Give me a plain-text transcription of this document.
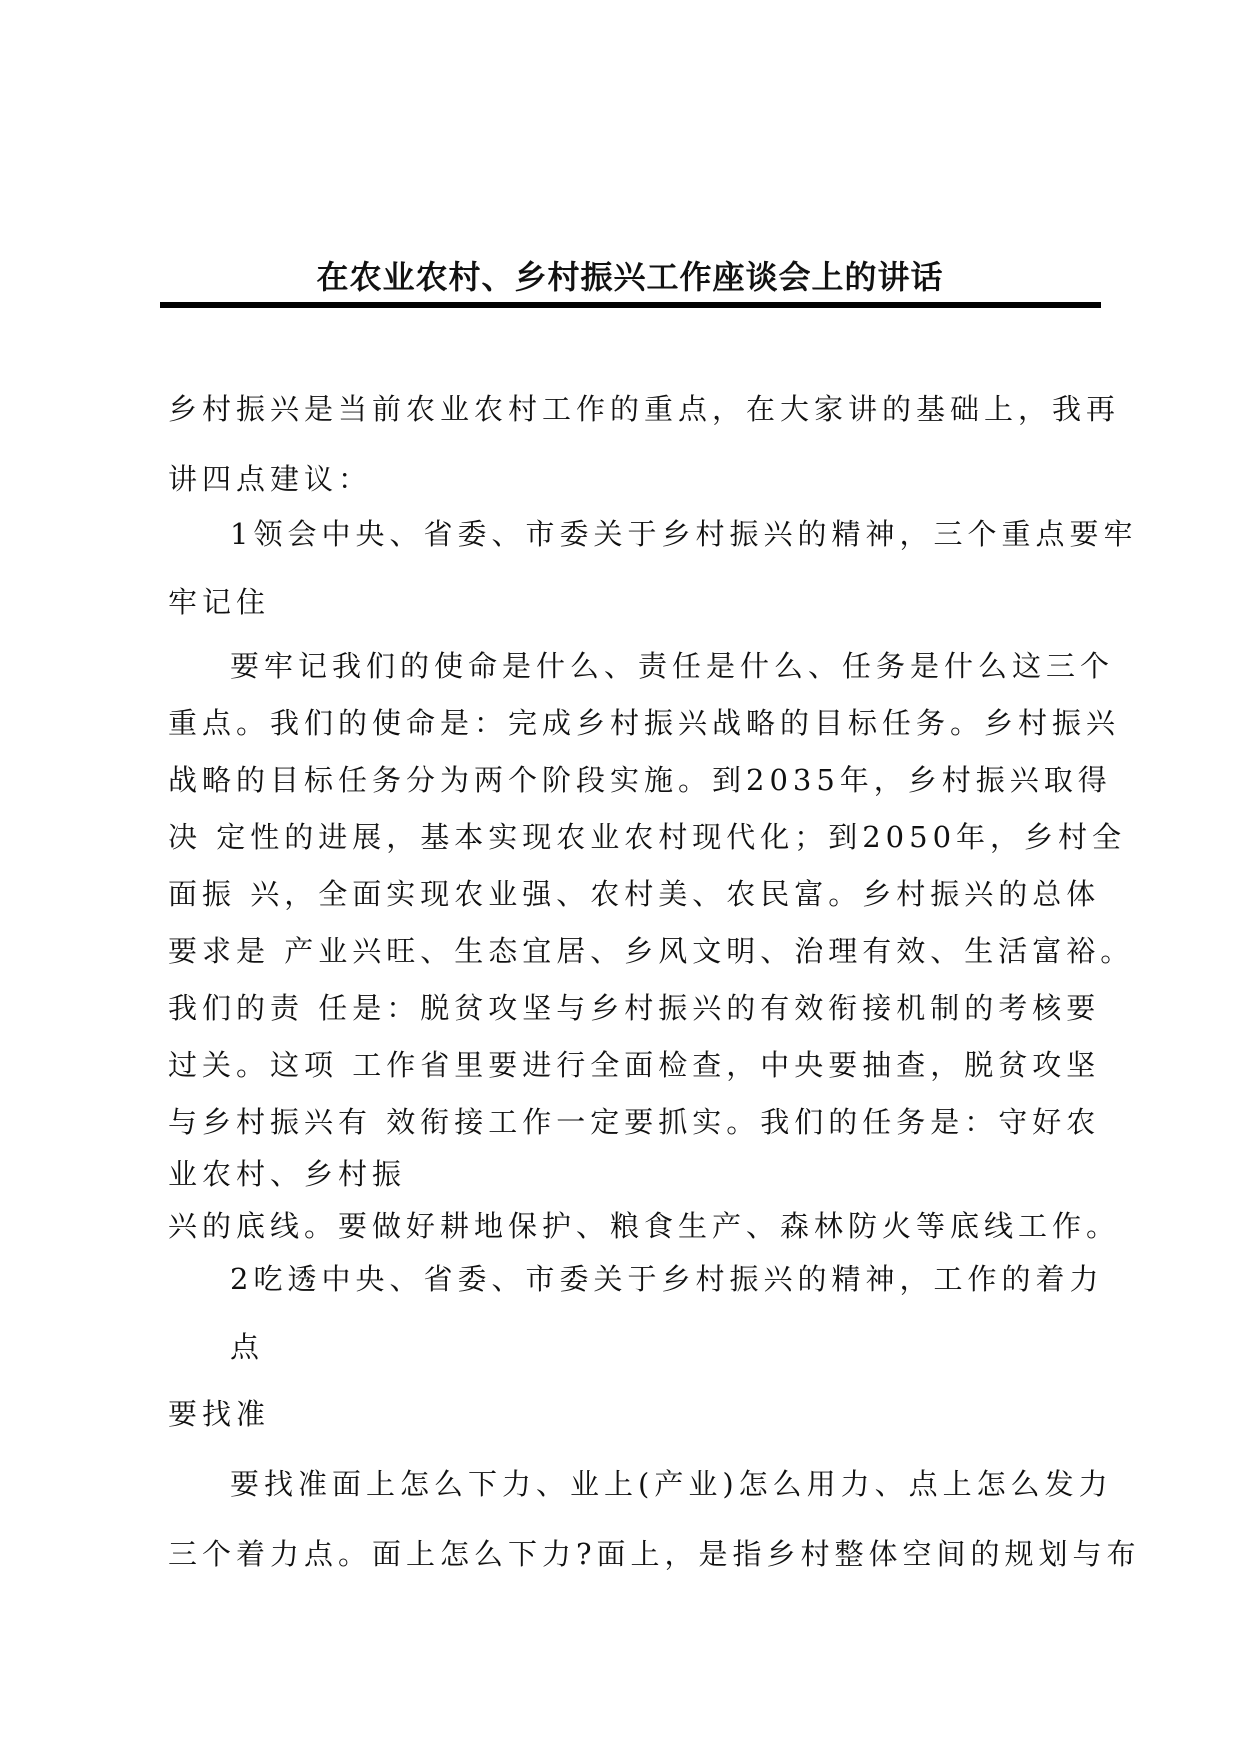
在农业农村、乡村振兴工作座谈会上的讲话
乡村振兴是当前农业农村工作的重点，在大家讲的基础上，我再
讲四点建议：
1领会中央、省委、市委关于乡村振兴的精神，三个重点要牢
牢记住
要牢记我们的使命是什么、责任是什么、任务是什么这三个
重点。我们的使命是：完成乡村振兴战略的目标任务。乡村振兴
战略的目标任务分为两个阶段实施。到2035年，乡村振兴取得
决 定性的进展，基本实现农业农村现代化；到2050年，乡村全
面振 兴，全面实现农业强、农村美、农民富。乡村振兴的总体
要求是 产业兴旺、生态宜居、乡风文明、治理有效、生活富裕。
我们的责 任是：脱贫攻坚与乡村振兴的有效衔接机制的考核要
过关。这项 工作省里要进行全面检查，中央要抽查，脱贫攻坚
与乡村振兴有 效衔接工作一定要抓实。我们的任务是：守好农
业农村、乡村振
兴的底线。要做好耕地保护、粮食生产、森林防火等底线工作。
2吃透中央、省委、市委关于乡村振兴的精神，工作的着力
点
要找准
要找准面上怎么下力、业上(产业)怎么用力、点上怎么发力
三个着力点。面上怎么下力?面上，是指乡村整体空间的规划与布
